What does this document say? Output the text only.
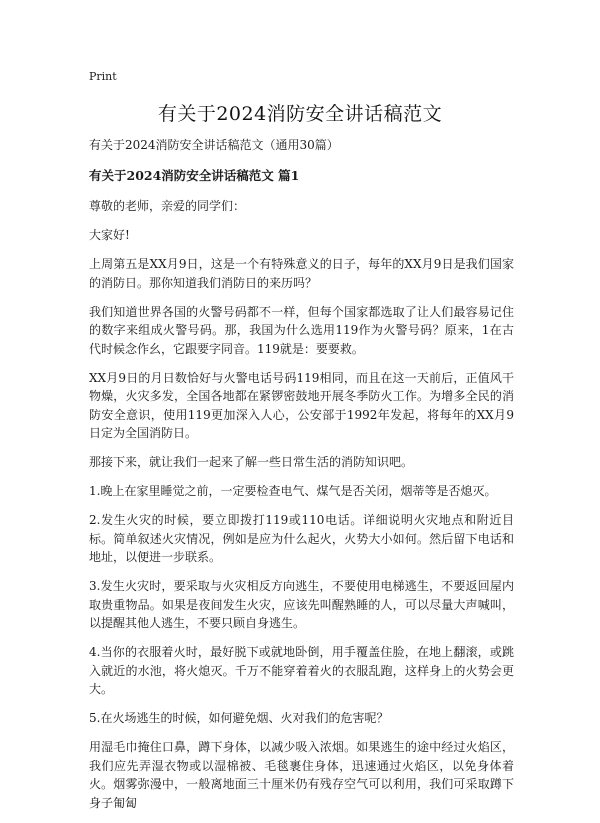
Print
有关于2024消防安全讲话稿范文

有关于2024消防安全讲话稿范文（通用30篇）

有关于2024消防安全讲话稿范文 篇1

尊敬的老师，亲爱的同学们：

大家好!

上周第五是XX月9日，这是一个有特殊意义的日子，每年的XX月9日是我们国家的消防日。那你知道我们消防日的来历吗？

我们知道世界各国的火警号码都不一样，但每个国家都选取了让人们最容易记住的数字来组成火警号码。那，我国为什么选用119作为火警号码？原来，1在古代时候念作幺，它跟要字同音。119就是：要要救。

XX月9日的月日数恰好与火警电话号码119相同，而且在这一天前后，正值风干物燥，火灾多发，全国各地都在紧锣密鼓地开展冬季防火工作。为增多全民的消防安全意识，使用119更加深入人心，公安部于1992年发起，将每年的XX月9日定为全国消防日。

那接下来，就让我们一起来了解一些日常生活的消防知识吧。

1.晚上在家里睡觉之前，一定要检查电气、煤气是否关闭，烟蒂等是否熄灭。

2.发生火灾的时候，要立即拨打119或110电话。详细说明火灾地点和附近目标。简单叙述火灾情况，例如是应为什么起火，火势大小如何。然后留下电话和地址，以便进一步联系。

3.发生火灾时，要采取与火灾相反方向逃生，不要使用电梯逃生，不要返回屋内取贵重物品。如果是夜间发生火灾，应该先叫醒熟睡的人，可以尽量大声喊叫，以提醒其他人逃生，不要只顾自身逃生。

4.当你的衣服着火时，最好脱下或就地卧倒，用手覆盖住脸，在地上翻滚，或跳入就近的水池，将火熄灭。千万不能穿着着火的衣服乱跑，这样身上的火势会更大。

5.在火场逃生的时候，如何避免烟、火对我们的危害呢？

用湿毛巾掩住口鼻，蹲下身体，以减少吸入浓烟。如果逃生的途中经过火焰区，我们应先弄湿衣物或以湿棉被、毛毯裹住身体，迅速通过火焰区，以免身体着火。烟雾弥漫中，一般离地面三十厘米仍有残存空气可以利用，我们可采取蹲下身子匍匐
